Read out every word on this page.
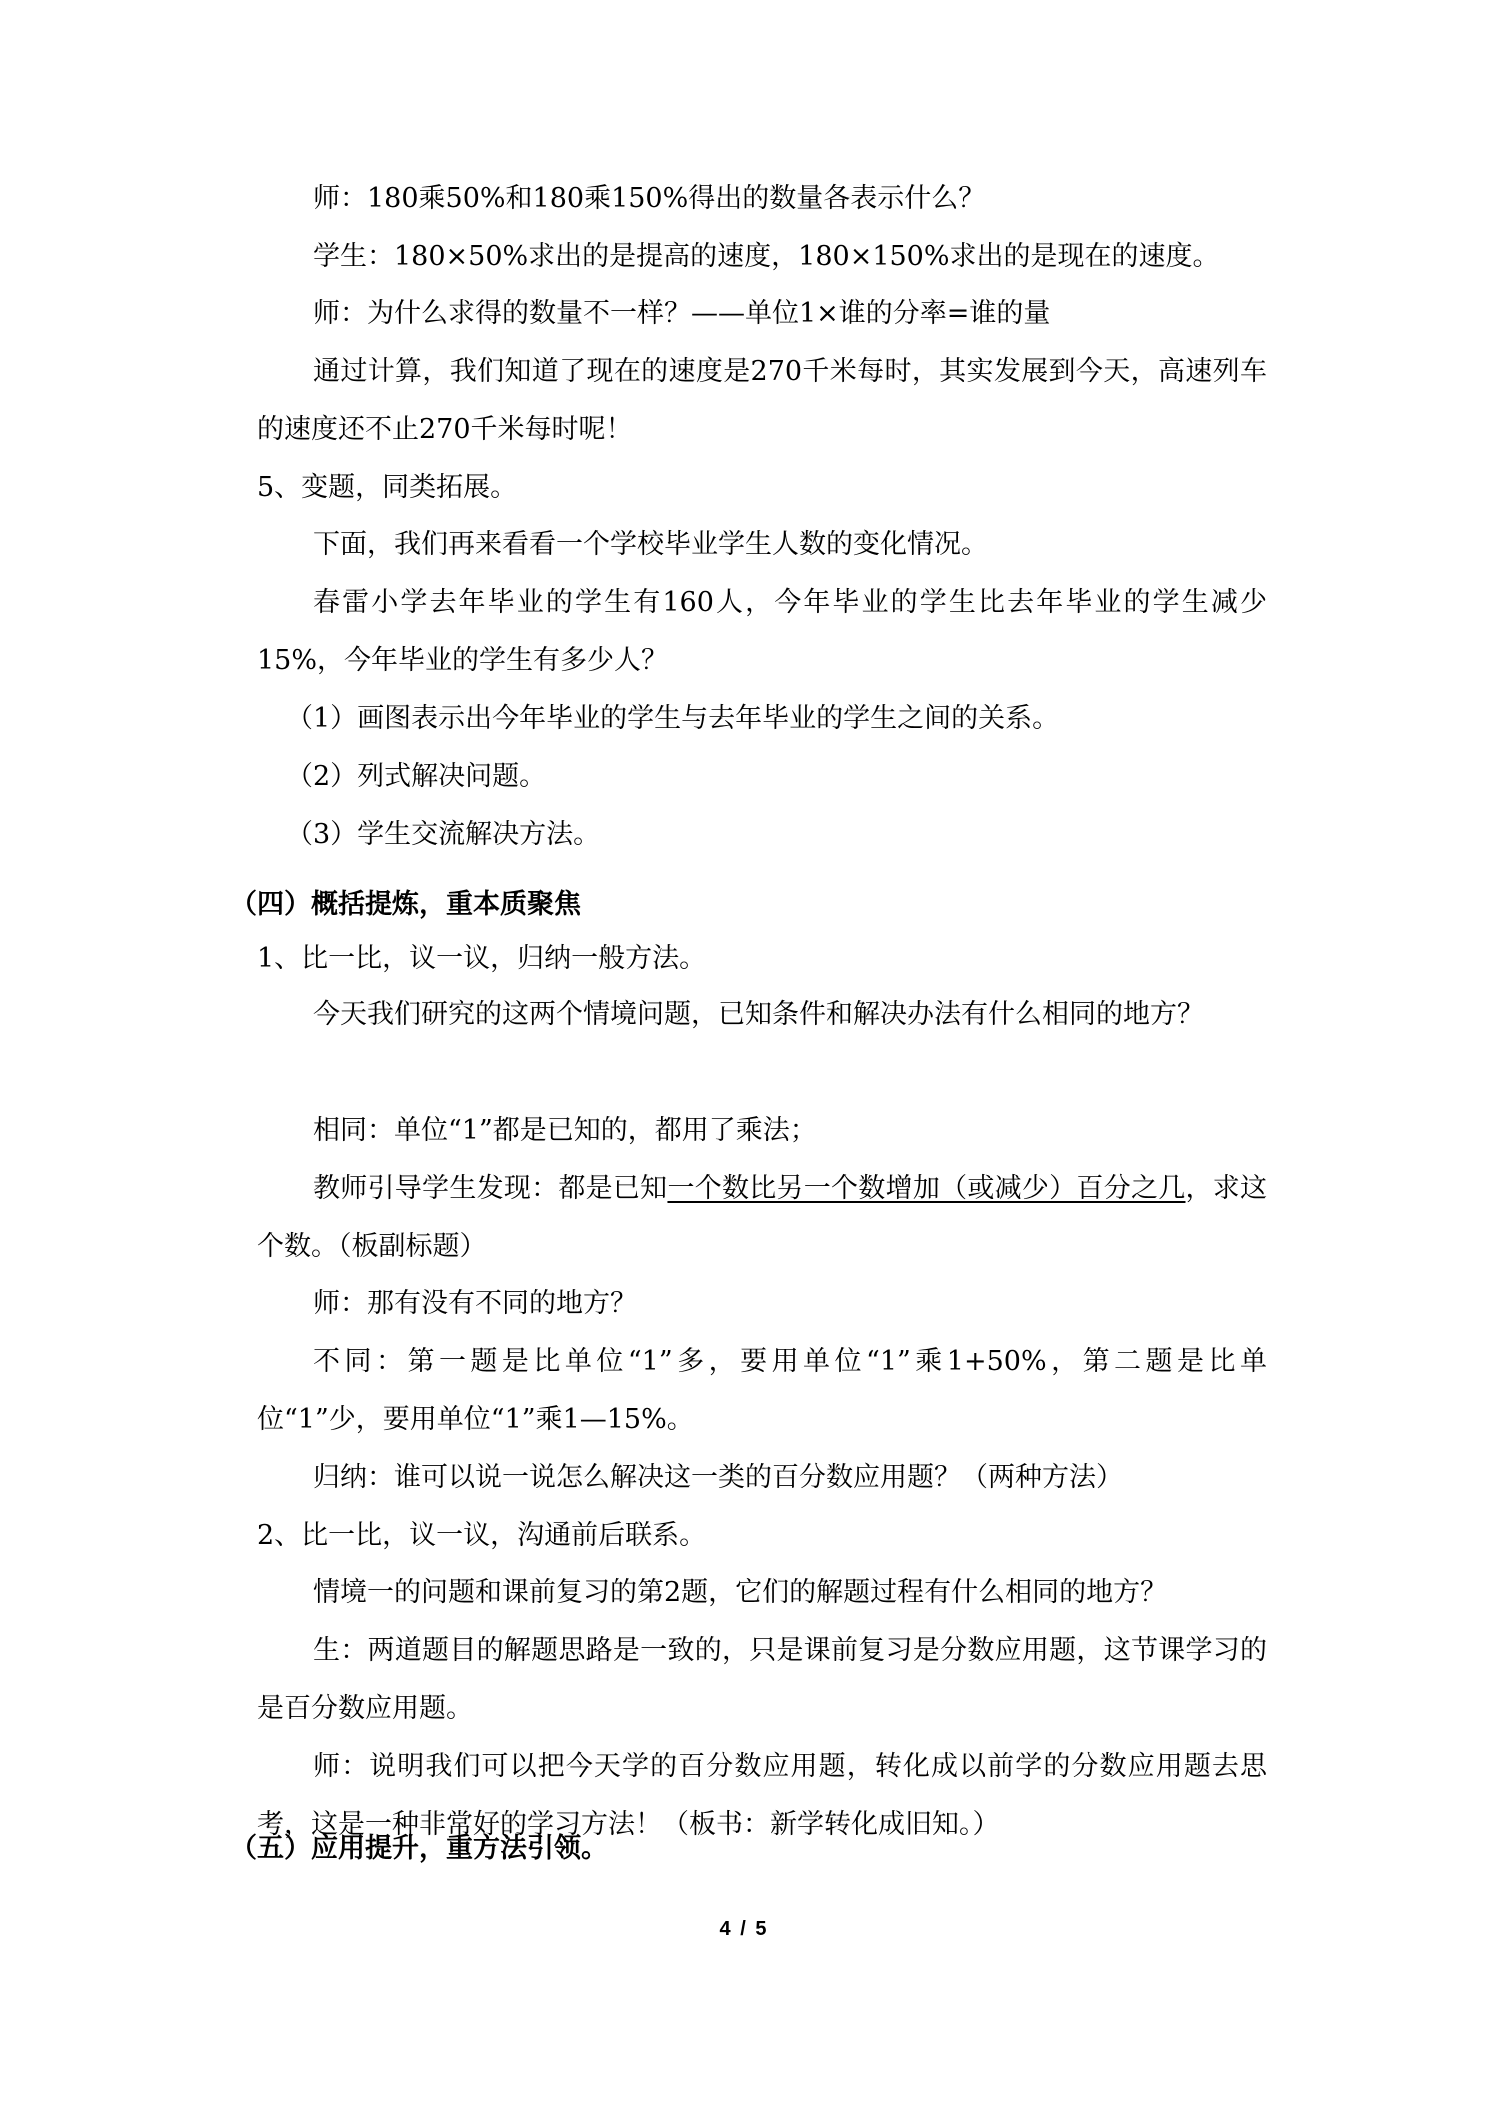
师：180乘50%和180乘150%得出的数量各表示什么？

学生：180×50%求出的是提高的速度，180×150%求出的是现在的速度。

师：为什么求得的数量不一样？——单位1×谁的分率=谁的量

通过计算，我们知道了现在的速度是270千米每时，其实发展到今天，高速列车的速度还不止270千米每时呢！

5、变题，同类拓展。

下面，我们再来看看一个学校毕业学生人数的变化情况。

春雷小学去年毕业的学生有160人，今年毕业的学生比去年毕业的学生减少15%，今年毕业的学生有多少人？

（1）画图表示出今年毕业的学生与去年毕业的学生之间的关系。

（2）列式解决问题。

（3）学生交流解决方法。

（四）概括提炼，重本质聚焦

1、比一比，议一议，归纳一般方法。

今天我们研究的这两个情境问题，已知条件和解决办法有什么相同的地方？

相同：单位“1”都是已知的，都用了乘法；

教师引导学生发现：都是已知一个数比另一个数增加（或减少）百分之几，求这个数。（板副标题）

师：那有没有不同的地方？

不同：第一题是比单位“1”多，要用单位“1”乘1+50%，第二题是比单位“1”少，要用单位“1”乘1—15%。

归纳：谁可以说一说怎么解决这一类的百分数应用题？（两种方法）

2、比一比，议一议，沟通前后联系。

情境一的问题和课前复习的第2题，它们的解题过程有什么相同的地方？

生：两道题目的解题思路是一致的，只是课前复习是分数应用题，这节课学习的是百分数应用题。

师：说明我们可以把今天学的百分数应用题，转化成以前学的分数应用题去思考，这是一种非常好的学习方法！（板书：新学转化成旧知。）

（五）应用提升，重方法引领。

4 / 5
